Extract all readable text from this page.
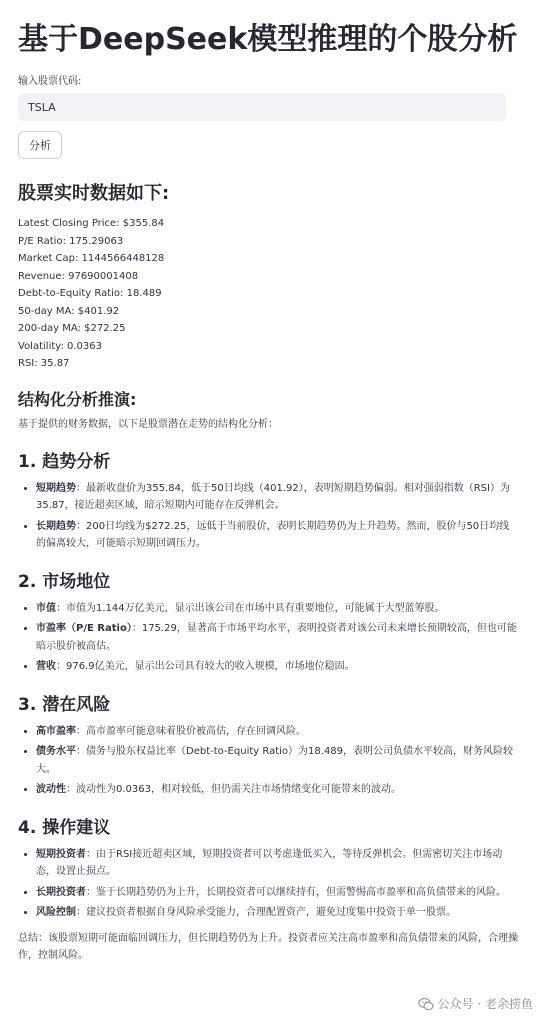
基于DeepSeek模型推理的个股分析
输入股票代码:
TSLA
分析
股票实时数据如下:

Latest Closing Price: $355.84

P/E Ratio: 175.29063

Market Cap: 1144566448128

Revenue: 97690001408

Debt-to-Equity Ratio: 18.489

50-day MA: $401.92

200-day MA: $272.25

Volatility: 0.0363

RSI: 35.87

结构化分析推演:

基于提供的财务数据，以下是股票潜在走势的结构化分析：

1. 趋势分析
• 短期趋势：最新收盘价为355.84，低于50日均线（401.92），表明短期趋势偏弱。相对强弱指数（RSI）为35.87，接近超卖区域，暗示短期内可能存在反弹机会。
• 长期趋势：200日均线为$272.25，远低于当前股价，表明长期趋势仍为上升趋势。然而，股价与50日均线的偏离较大，可能暗示短期回调压力。
2. 市场地位
• 市值：市值为1.144万亿美元，显示出该公司在市场中具有重要地位，可能属于大型蓝筹股。
• 市盈率（P/E Ratio）：175.29，显著高于市场平均水平，表明投资者对该公司未来增长预期较高，但也可能暗示股价被高估。
• 营收：976.9亿美元，显示出公司具有较大的收入规模，市场地位稳固。
3. 潜在风险
• 高市盈率：高市盈率可能意味着股价被高估，存在回调风险。
• 债务水平：债务与股东权益比率（Debt-to-Equity Ratio）为18.489，表明公司负债水平较高，财务风险较大。
• 波动性：波动性为0.0363，相对较低，但仍需关注市场情绪变化可能带来的波动。
4. 操作建议
• 短期投资者：由于RSI接近超卖区域，短期投资者可以考虑逢低买入，等待反弹机会。但需密切关注市场动态，设置止损点。
• 长期投资者：鉴于长期趋势仍为上升，长期投资者可以继续持有，但需警惕高市盈率和高负债带来的风险。
• 风险控制：建议投资者根据自身风险承受能力，合理配置资产，避免过度集中投资于单一股票。

总结：该股票短期可能面临回调压力，但长期趋势仍为上升。投资者应关注高市盈率和高负债带来的风险，合理操作，控制风险。

公众号 · 老余捞鱼
